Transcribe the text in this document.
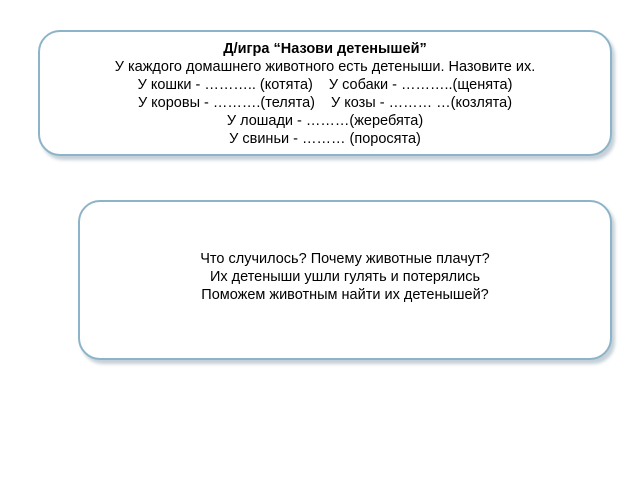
Д/игра “Назови детенышей”
У каждого домашнего животного есть детеныши. Назовите их.
У кошки - ……….. (котята) У собаки - ………..(щенята)
У коровы - ……….(телята) У козы - ……… …(козлята)
У лошади - ………(жеребята)
У свиньи - ……… (поросята)
Что случилось? Почему животные плачут?
Их детеныши ушли гулять и потерялись
Поможем животным найти их детенышей?
